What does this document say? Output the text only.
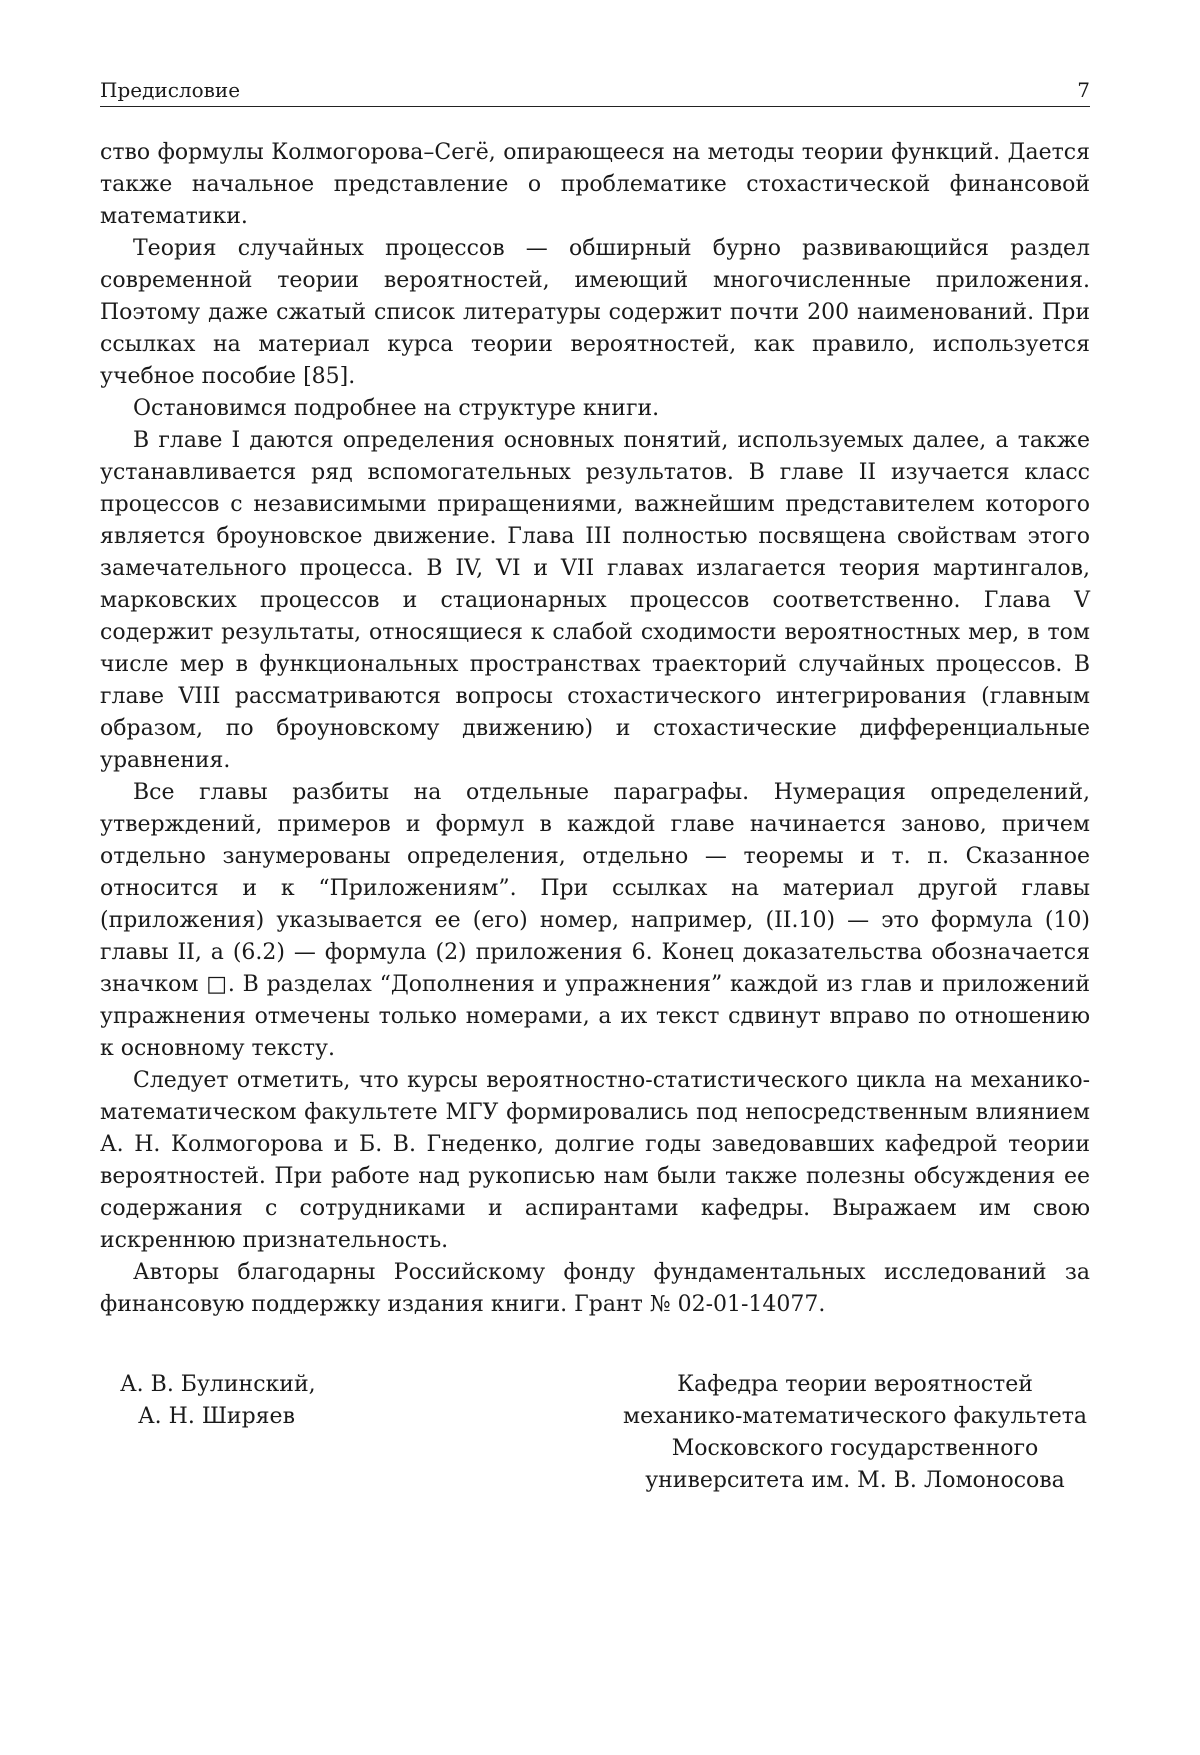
Предисловие	7

ство формулы Колмогорова–Сегё, опирающееся на методы теории функций. Дается также начальное представление о проблематике стохастической финансовой математики.

Теория случайных процессов — обширный бурно развивающийся раздел современной теории вероятностей, имеющий многочисленные приложения. Поэтому даже сжатый список литературы содержит почти 200 наименований. При ссылках на материал курса теории вероятностей, как правило, используется учебное пособие [85].

Остановимся подробнее на структуре книги.

В главе I даются определения основных понятий, используемых далее, а также устанавливается ряд вспомогательных результатов. В главе II изучается класс процессов с независимыми приращениями, важнейшим представителем которого является броуновское движение. Глава III полностью посвящена свойствам этого замечательного процесса. В IV, VI и VII главах излагается теория мартингалов, марковских процессов и стационарных процессов соответственно. Глава V содержит результаты, относящиеся к слабой сходимости вероятностных мер, в том числе мер в функциональных пространствах траекторий случайных процессов. В главе VIII рассматриваются вопросы стохастического интегрирования (главным образом, по броуновскому движению) и стохастические дифференциальные уравнения.

Все главы разбиты на отдельные параграфы. Нумерация определений, утверждений, примеров и формул в каждой главе начинается заново, причем отдельно занумерованы определения, отдельно — теоремы и т. п. Сказанное относится и к “Приложениям”. При ссылках на материал другой главы (приложения) указывается ее (его) номер, например, (II.10) — это формула (10) главы II, а (6.2) — формула (2) приложения 6. Конец доказательства обозначается значком □. В разделах “Дополнения и упражнения” каждой из глав и приложений упражнения отмечены только номерами, а их текст сдвинут вправо по отношению к основному тексту.

Следует отметить, что курсы вероятностно-статистического цикла на механико-математическом факультете МГУ формировались под непосредственным влиянием А. Н. Колмогорова и Б. В. Гнеденко, долгие годы заведовавших кафедрой теории вероятностей. При работе над рукописью нам были также полезны обсуждения ее содержания с сотрудниками и аспирантами кафедры. Выражаем им свою искреннюю признательность.

Авторы благодарны Российскому фонду фундаментальных исследований за финансовую поддержку издания книги. Грант № 02-01-14077.

А. В. Булинский,
А. Н. Ширяев
Кафедра теории вероятностей
механико-математического факультета
Московского государственного
университета им. М. В. Ломоносова
